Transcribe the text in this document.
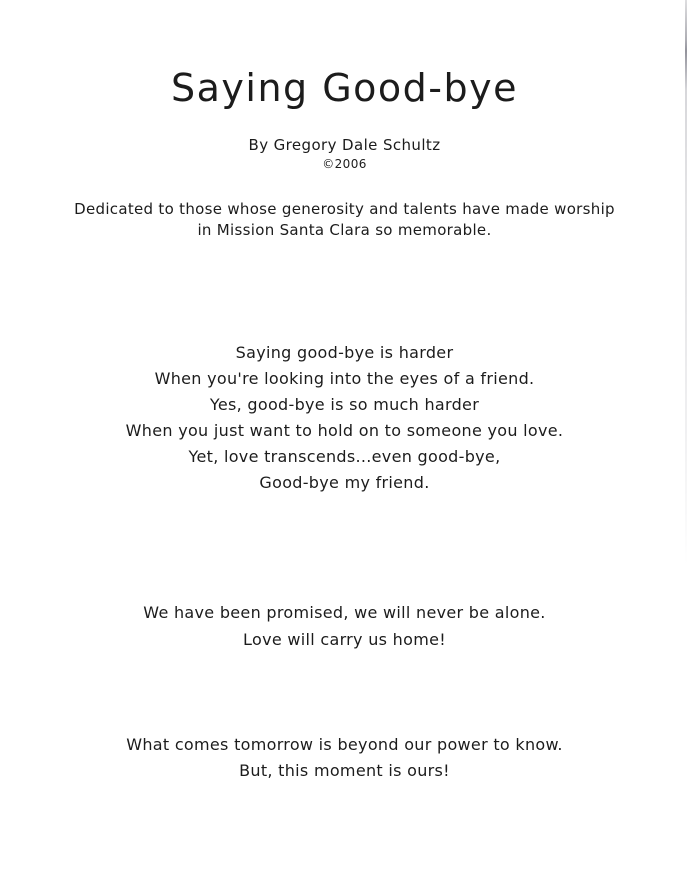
Saying Good-bye
By Gregory Dale Schultz
©2006
Dedicated to those whose generosity and talents have made worship
in Mission Santa Clara so memorable.
Saying good-bye is harder
When you're looking into the eyes of a friend.
Yes, good-bye is so much harder
When you just want to hold on to someone you love.
Yet, love transcends...even good-bye,
Good-bye my friend.
We have been promised, we will never be alone.
Love will carry us home!
What comes tomorrow is beyond our power to know.
But, this moment is ours!
